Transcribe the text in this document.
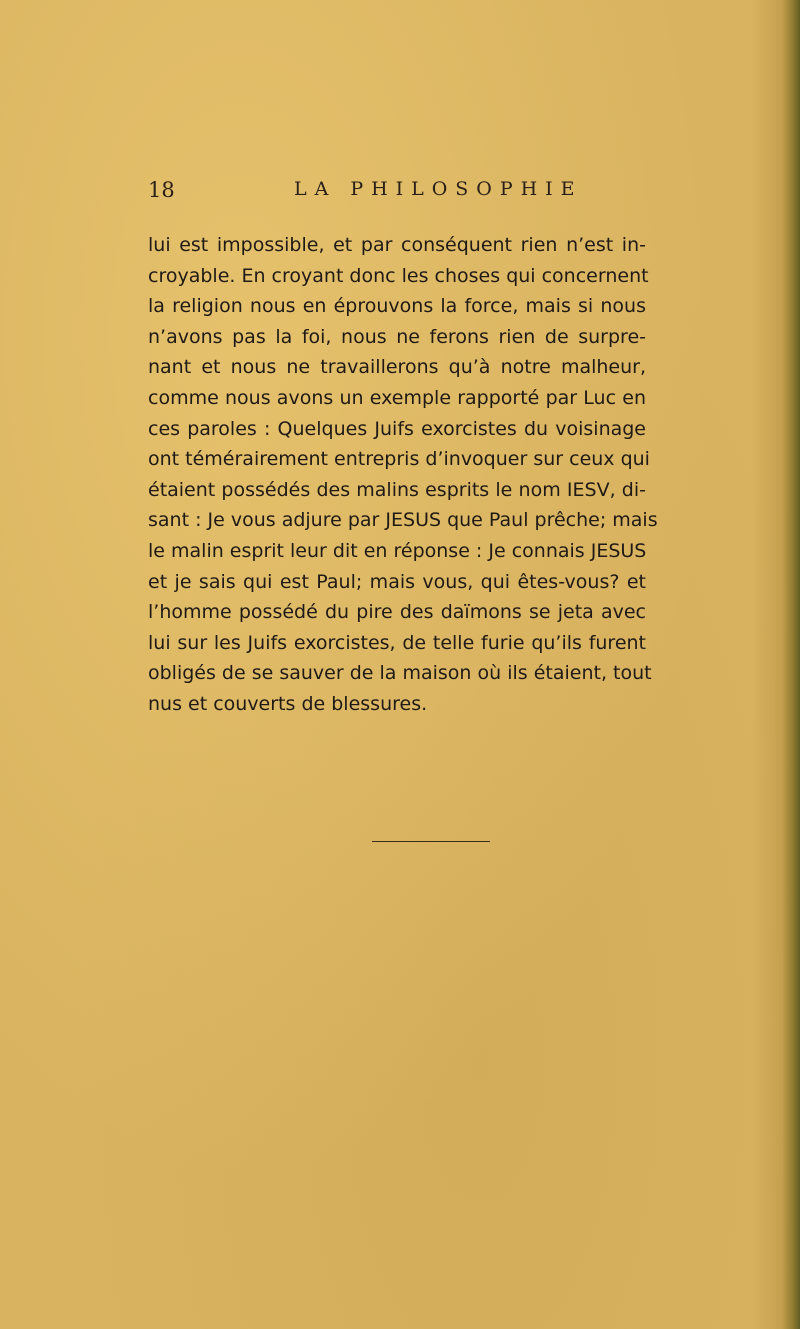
18	LA PHILOSOPHIE
lui est impossible, et par conséquent rien n’est in-
croyable. En croyant donc les choses qui concernent
la religion nous en éprouvons la force, mais si nous
n’avons pas la foi, nous ne ferons rien de surpre-
nant et nous ne travaillerons qu’à notre malheur,
comme nous avons un exemple rapporté par Luc en
ces paroles : Quelques Juifs exorcistes du voisinage
ont témérairement entrepris d’invoquer sur ceux qui
étaient possédés des malins esprits le nom IESV, di-
sant : Je vous adjure par JESUS que Paul prêche; mais
le malin esprit leur dit en réponse : Je connais JESUS
et je sais qui est Paul; mais vous, qui êtes-vous? et
l’homme possédé du pire des daïmons se jeta avec
lui sur les Juifs exorcistes, de telle furie qu’ils furent
obligés de se sauver de la maison où ils étaient, tout
nus et couverts de blessures.
